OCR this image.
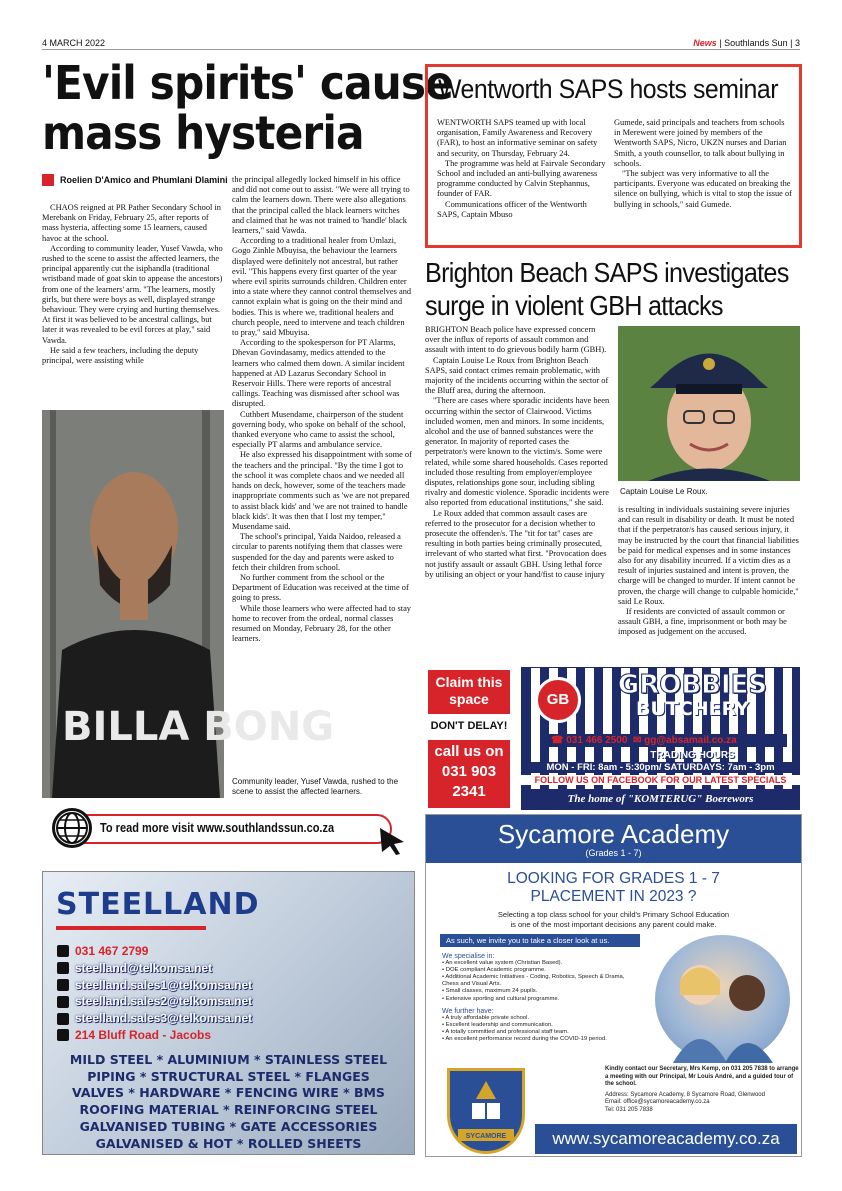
4 MARCH 2022	News | Southlands Sun | 3
'Evil spirits' cause
mass hysteria
Roelien D'Amico and Phumlani Dlamini

CHAOS reigned at PR Pather Secondary School in Merebank on Friday, February 25, after reports of mass hysteria, affecting some 15 learners, caused havoc at the school.

According to community leader, Yusef Vawda, who rushed to the scene to assist the affected learners, the principal apparently cut the isiphandla (traditional wristband made of goat skin to appease the ancestors) from one of the learners' arm. "The learners, mostly girls, but there were boys as well, displayed strange behaviour. They were crying and hurting themselves. At first it was believed to be ancestral callings, but later it was revealed to be evil forces at play," said Vawda.

He said a few teachers, including the deputy principal, were assisting while

BILLA BONG

the principal allegedly locked himself in his office and did not come out to assist. "We were all trying to calm the learners down. There were also allegations that the principal called the black learners witches and claimed that he was not trained to 'handle' black learners," said Vawda.

According to a traditional healer from Umlazi, Gogo Zinhle Mbuyisa, the behaviour the learners displayed were definitely not ancestral, but rather evil. "This happens every first quarter of the year where evil spirits surrounds children. Children enter into a state where they cannot control themselves and cannot explain what is going on the their mind and bodies. This is where we, traditional healers and church people, need to intervene and teach children to pray," said Mbuyisa.

According to the spokesperson for PT Alarms, Dhevan Govindasamy, medics attended to the learners who calmed them down. A similar incident happened at AD Lazarus Secondary School in Reservoir Hills. There were reports of ancestral callings. Teaching was dismissed after school was disrupted.

Cuthbert Musendame, chairperson of the student governing body, who spoke on behalf of the school, thanked everyone who came to assist the school, especially PT alarms and ambulance service.

He also expressed his disappointment with some of the teachers and the principal. "By the time I got to the school it was complete chaos and we needed all hands on deck, however, some of the teachers made inappropriate comments such as 'we are not prepared to assist black kids' and 'we are not trained to handle black kids'. It was then that I lost my temper," Musendame said.

The school's principal, Yaida Naidoo, released a circular to parents notifying them that classes were suspended for the day and parents were asked to fetch their children from school.

No further comment from the school or the Department of Education was received at the time of going to press.

While those learners who were affected had to stay home to recover from the ordeal, normal classes resumed on Monday, February 28, for the other learners.

Community leader, Yusef Vawda, rushed to the scene to assist the affected learners.
Wentworth SAPS hosts seminar

WENTWORTH SAPS teamed up with local organisation, Family Awareness and Recovery (FAR), to host an informative seminar on safety and security, on Thursday, February 24.

The programme was held at Fairvale Secondary School and included an anti-bullying awareness programme conducted by Calvin Stephannus, founder of FAR.

Communications officer of the Wentworth SAPS, Captain Mbuso

Gumede, said principals and teachers from schools in Merewent were joined by members of the Wentworth SAPS, Nicro, UKZN nurses and Darian Smith, a youth counsellor, to talk about bullying in schools.

"The subject was very informative to all the participants. Everyone was educated on breaking the silence on bullying, which is vital to stop the issue of bullying in schools," said Gumede.

Brighton Beach SAPS investigates
surge in violent GBH attacks

BRIGHTON Beach police have expressed concern over the influx of reports of assault common and assault with intent to do grievous bodily harm (GBH).

Captain Louise Le Roux from Brighton Beach SAPS, said contact crimes remain problematic, with majority of the incidents occurring within the sector of the Bluff area, during the afternoon.

"There are cases where sporadic incidents have been occurring within the sector of Clairwood. Victims included women, men and minors. In some incidents, alcohol and the use of banned substances were the generator. In majority of reported cases the perpetrator/s were known to the victim/s. Some were related, while some shared households. Cases reported included those resulting from employer/employee disputes, relationships gone sour, including sibling rivalry and domestic violence. Sporadic incidents were also reported from educational institutions," she said.

Le Roux added that common assault cases are referred to the prosecutor for a decision whether to prosecute the offender/s. The "tit for tat" cases are resulting in both parties being criminally prosecuted, irrelevant of who started what first. "Provocation does not justify assault or assault GBH. Using lethal force by utilising an object or your hand/fist to cause injury

Captain Louise Le Roux.

is resulting in individuals sustaining severe injuries and can result in disability or death. It must be noted that if the perpetrator/s has caused serious injury, it may be instructed by the court that financial liabilities be paid for medical expenses and in some instances also for any disability incurred. If a victim dies as a result of injuries sustained and intent is proven, the charge will be changed to murder. If intent cannot be proven, the charge will change to culpable homicide," said Le Roux.

If residents are convicted of assault common or assault GBH, a fine, imprisonment or both may be imposed as judgement on the accused.

Claim this space
DON'T DELAY!
call us on 031 903 2341
GB	GROBBIES
BUTCHERY
☎ 031 466 2500 ✉ gg@absamail.co.za
TRADING HOURS
MON - FRI: 8am - 5:30pm/ SATURDAYS: 7am - 3pm
FOLLOW US ON FACEBOOK FOR OUR LATEST SPECIALS
The home of "KOMTERUG" Boerewors
To read more visit www.southlandssun.co.za
STEELLAND
031 467 2799
steelland@telkomsa.net
steelland.sales1@telkomsa.net
steelland.sales2@telkomsa.net
steelland.sales3@telkomsa.net
214 Bluff Road - Jacobs
MILD STEEL * ALUMINIUM * STAINLESS STEEL
PIPING * STRUCTURAL STEEL * FLANGES
VALVES * HARDWARE * FENCING WIRE * BMS
ROOFING MATERIAL * REINFORCING STEEL
GALVANISED TUBING * GATE ACCESSORIES
GALVANISED & HOT * ROLLED SHEETS
Sycamore Academy
(Grades 1 - 7)
LOOKING FOR GRADES 1 - 7
PLACEMENT IN 2023 ?
Selecting a top class school for your child's Primary School Education
is one of the most important decisions any parent could make.
As such, we invite you to take a closer look at us.
We specialise in:
• An excellent value system (Christian Based).
• DOE compliant Academic programme.
• Additional Academic Initiatives - Coding, Robotics, Speech & Drama, Chess and Visual Arts.
• Small classes, maximum 24 pupils.
• Extensive sporting and cultural programme.
We further have:
• A truly affordable private school.
• Excellent leadership and communication.
• A totally committed and professional staff team.
• An excellent performance record during the COVID-19 period.
Kindly contact our Secretary, Mrs Kemp, on 031 205 7838 to arrange a meeting with our Principal, Mr Louis André, and a guided tour of the school.
Address: Sycamore Academy, 8 Sycamore Road, Glenwood
Email: office@sycamoreacademy.co.za
Tel: 031 205 7838
SYCAMORE	www.sycamoreacademy.co.za
